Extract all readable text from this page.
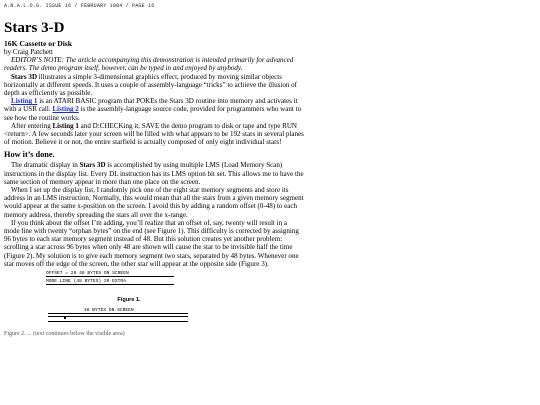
A.N.A.L.O.G. ISSUE 16 / FEBRUARY 1984 / PAGE 16
Stars 3-D
16K Cassette or Disk
by Craig Patchett

EDITOR’S NOTE: The article accompanying this demonstration is intended primarily for advanced readers. The demo program itself, however, can be typed in and enjoyed by anybody.

Stars 3D illustrates a simple 3-dimensional graphics effect, produced by moving similar objects horizontally at different speeds. It uses a couple of assembly-language “tricks” to achieve the illusion of depth as efficiently as possible.

Listing 1 is an ATARI BASIC program that POKEs the Stars 3D routine into memory and activates it with a USR call. Listing 2 is the assembly-language source code, provided for programmers who want to see how the routine works.

After entering Listing 1 and D:CHECKing it, SAVE the demo program to disk or tape and type RUN <return>. A few seconds later your screen will be filled with what appears to be 192 stars in several planes of motion. Believe it or not, the entire starfield is actually composed of only eight individual stars!

How it’s done.

The dramatic display in Stars 3D is accomplished by using multiple LMS (Load Memory Scan) instructions in the display list. Every DL instruction has its LMS option bit set. This allows me to have the same section of memory appear in more than one place on the screen.

When I set up the display list, I randomly pick one of the eight star memory segments and store its address in an LMS instruction. Normally, this would mean that all the stars from a given memory segment would appear at the same x-position on the screen. I avoid this by adding a random offset (0-48) to each memory address, thereby spreading the stars all over the x-range.

If you think about the offset I’m adding, you’ll realize that an offset of, say, twenty will result in a mode line with twenty “orphan bytes” on the end (see Figure 1). This difficulty is corrected by assigning 96 bytes to each star memory segment instead of 48. But this solution creates yet another problem: scrolling a star across 96 bytes when only 48 are shown will cause the star to be invisible half the time (Figure 2). My solution is to give each memory segment two stars, separated by 48 bytes. Whenever one star moves off the edge of the screen, the other star will appear at the opposite side (Figure 3).

OFFSET = 20 48 BYTES ON SCREEN
MODE LINE (48 BYTES) 20 EXTRA
Figure 1.
48 BYTES ON SCREEN
Figure 2. ... (text continues below the visible area)
